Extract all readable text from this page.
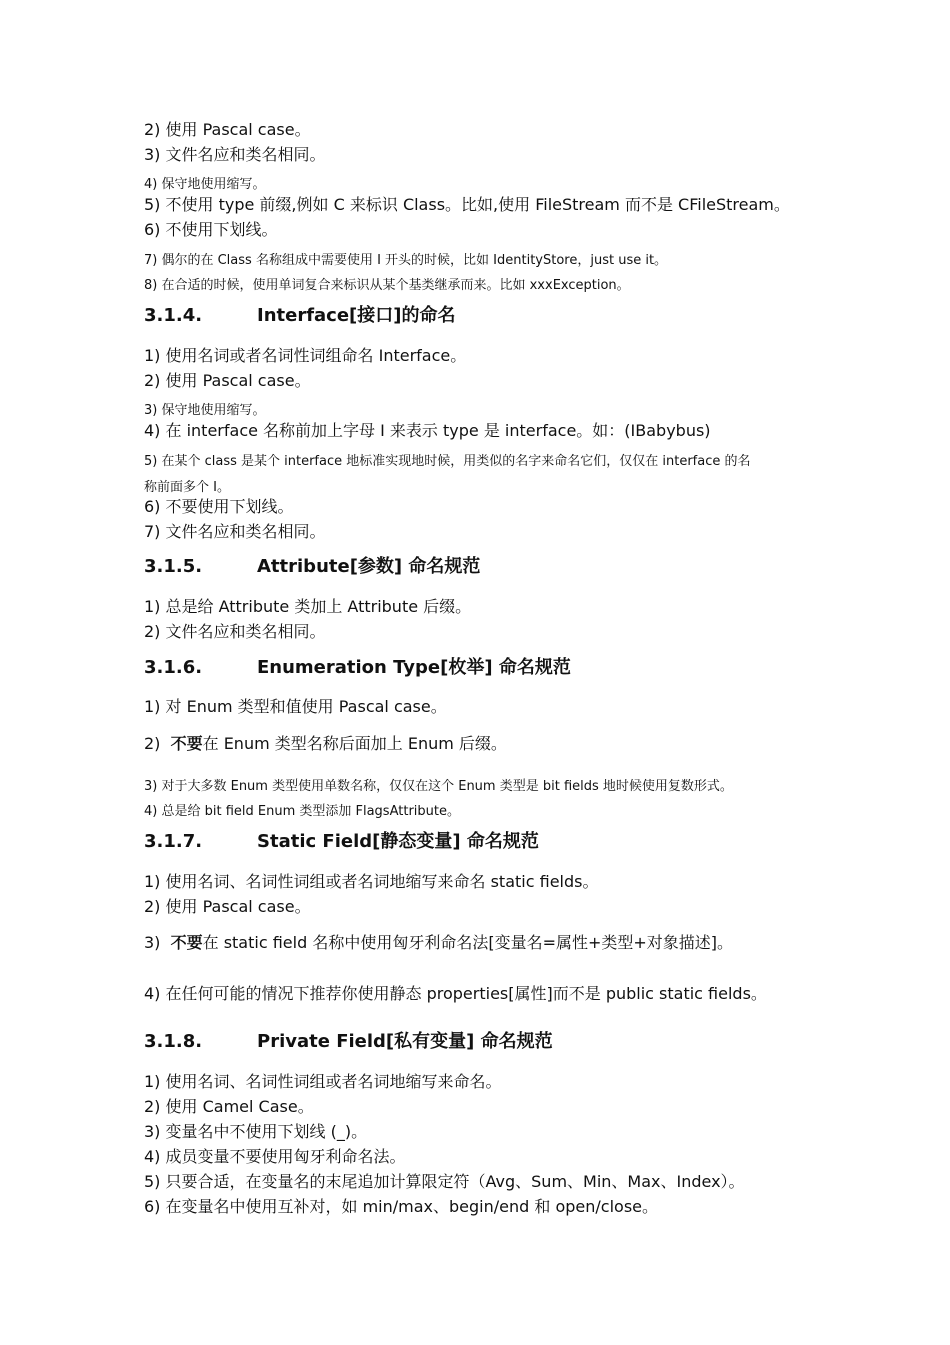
2) 使用 Pascal case。
3) 文件名应和类名相同。
4) 保守地使用缩写。
5) 不使用 type 前缀,例如 C 来标识 Class。比如,使用 FileStream 而不是 CFileStream。
6) 不使用下划线。
7) 偶尔的在 Class 名称组成中需要使用 I 开头的时候，比如 IdentityStore，just use it。
8) 在合适的时候，使用单词复合来标识从某个基类继承而来。比如 xxxException。
3.1.4.	Interface[接口]的命名
1) 使用名词或者名词性词组命名 Interface。
2) 使用 Pascal case。
3) 保守地使用缩写。
4) 在 interface 名称前加上字母 I 来表示 type 是 interface。如：(IBabybus)
5) 在某个 class 是某个 interface 地标准实现地时候，用类似的名字来命名它们，仅仅在 interface 的名
称前面多个 I。
6) 不要使用下划线。
7) 文件名应和类名相同。
3.1.5.	Attribute[参数] 命名规范
1) 总是给 Attribute 类加上 Attribute 后缀。
2) 文件名应和类名相同。
3.1.6.	Enumeration Type[枚举] 命名规范
1) 对 Enum 类型和值使用 Pascal case。
2) 不要在 Enum 类型名称后面加上 Enum 后缀。
3) 对于大多数 Enum 类型使用单数名称，仅仅在这个 Enum 类型是 bit fields 地时候使用复数形式。
4) 总是给 bit field Enum 类型添加 FlagsAttribute。
3.1.7.	Static Field[静态变量] 命名规范
1) 使用名词、名词性词组或者名词地缩写来命名 static fields。
2) 使用 Pascal case。
3) 不要在 static field 名称中使用匈牙利命名法[变量名=属性+类型+对象描述]。
4) 在任何可能的情况下推荐你使用静态 properties[属性]而不是 public static fields。
3.1.8.	Private Field[私有变量] 命名规范
1) 使用名词、名词性词组或者名词地缩写来命名。
2) 使用 Camel Case。
3) 变量名中不使用下划线 (_)。
4) 成员变量不要使用匈牙利命名法。
5) 只要合适，在变量名的末尾追加计算限定符（Avg、Sum、Min、Max、Index）。
6) 在变量名中使用互补对，如 min/max、begin/end 和 open/close。
